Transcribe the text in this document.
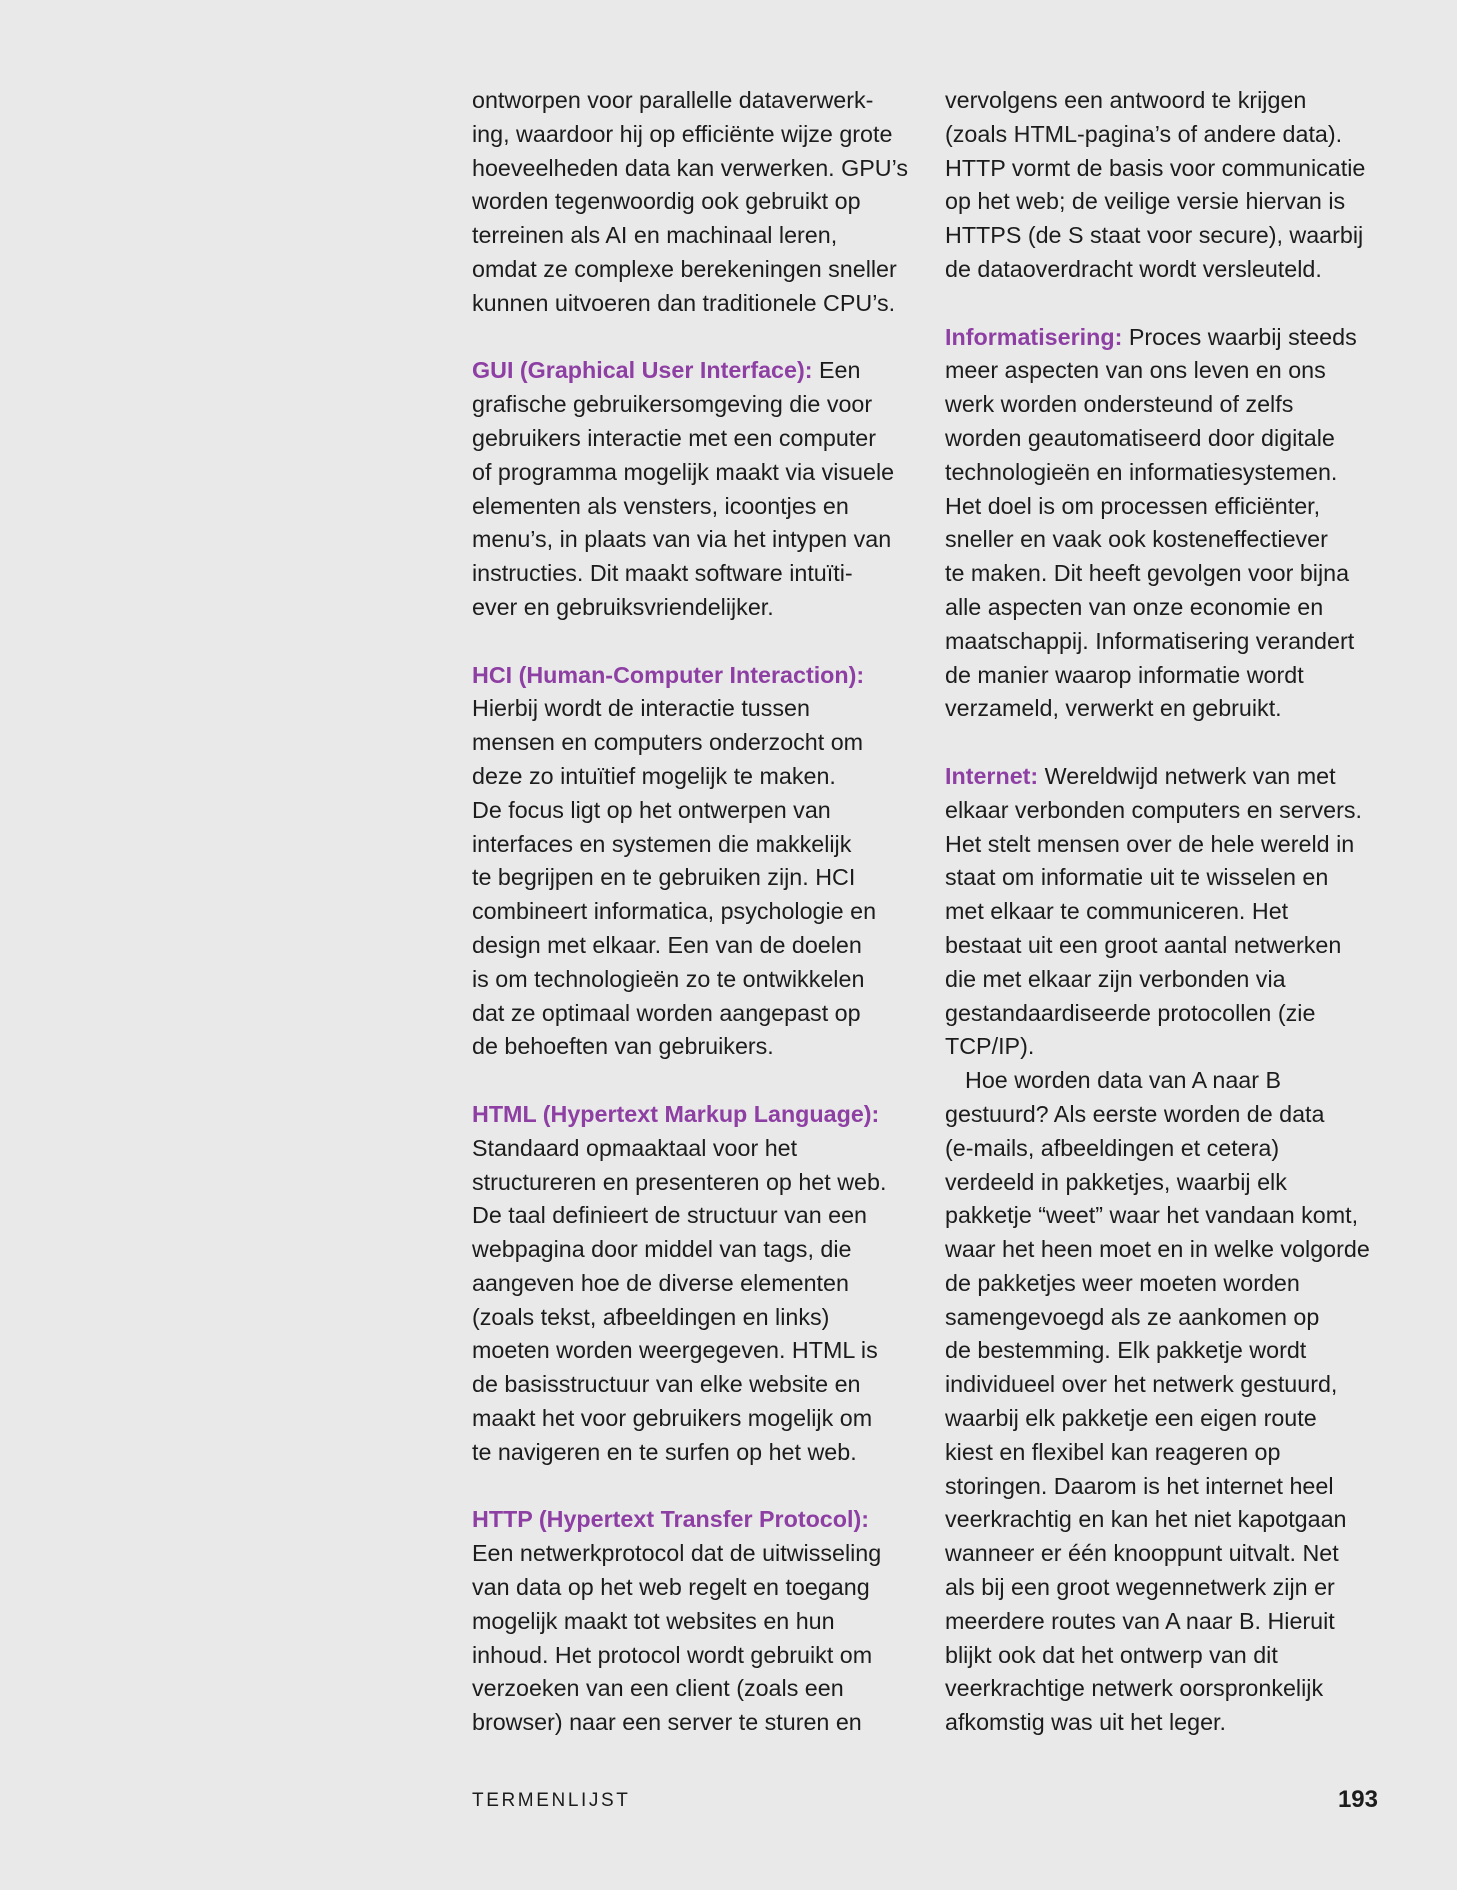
ontworpen voor parallelle dataverwerk-
ing, waardoor hij op efficiënte wijze grote
hoeveelheden data kan verwerken. GPU’s
worden tegenwoordig ook gebruikt op
terreinen als AI en machinaal leren,
omdat ze complexe berekeningen sneller
kunnen uitvoeren dan traditionele CPU’s.
GUI (Graphical User Interface): Een
grafische gebruikersomgeving die voor
gebruikers interactie met een computer
of programma mogelijk maakt via visuele
elementen als vensters, icoontjes en
menu’s, in plaats van via het intypen van
instructies. Dit maakt software intuïti-
ever en gebruiksvriendelijker.
HCI (Human-Computer Interaction):
Hierbij wordt de interactie tussen
mensen en computers onderzocht om
deze zo intuïtief mogelijk te maken.
De focus ligt op het ontwerpen van
interfaces en systemen die makkelijk
te begrijpen en te gebruiken zijn. HCI
combineert informatica, psychologie en
design met elkaar. Een van de doelen
is om technologieën zo te ontwikkelen
dat ze optimaal worden aangepast op
de behoeften van gebruikers.
HTML (Hypertext Markup Language):
Standaard opmaaktaal voor het
structureren en presenteren op het web.
De taal definieert de structuur van een
webpagina door middel van tags, die
aangeven hoe de diverse elementen
(zoals tekst, afbeeldingen en links)
moeten worden weergegeven. HTML is
de basisstructuur van elke website en
maakt het voor gebruikers mogelijk om
te navigeren en te surfen op het web.
HTTP (Hypertext Transfer Protocol):
Een netwerkprotocol dat de uitwisseling
van data op het web regelt en toegang
mogelijk maakt tot websites en hun
inhoud. Het protocol wordt gebruikt om
verzoeken van een client (zoals een
browser) naar een server te sturen en
vervolgens een antwoord te krijgen
(zoals HTML-pagina’s of andere data).
HTTP vormt de basis voor communicatie
op het web; de veilige versie hiervan is
HTTPS (de S staat voor secure), waarbij
de dataoverdracht wordt versleuteld.
Informatisering: Proces waarbij steeds
meer aspecten van ons leven en ons
werk worden ondersteund of zelfs
worden geautomatiseerd door digitale
technologieën en informatiesystemen.
Het doel is om processen efficiënter,
sneller en vaak ook kosteneffectiever
te maken. Dit heeft gevolgen voor bijna
alle aspecten van onze economie en
maatschappij. Informatisering verandert
de manier waarop informatie wordt
verzameld, verwerkt en gebruikt.
Internet: Wereldwijd netwerk van met
elkaar verbonden computers en servers.
Het stelt mensen over de hele wereld in
staat om informatie uit te wisselen en
met elkaar te communiceren. Het
bestaat uit een groot aantal netwerken
die met elkaar zijn verbonden via
gestandaardiseerde protocollen (zie
TCP/IP).
Hoe worden data van A naar B
gestuurd? Als eerste worden de data
(e-mails, afbeeldingen et cetera)
verdeeld in pakketjes, waarbij elk
pakketje “weet” waar het vandaan komt,
waar het heen moet en in welke volgorde
de pakketjes weer moeten worden
samengevoegd als ze aankomen op
de bestemming. Elk pakketje wordt
individueel over het netwerk gestuurd,
waarbij elk pakketje een eigen route
kiest en flexibel kan reageren op
storingen. Daarom is het internet heel
veerkrachtig en kan het niet kapotgaan
wanneer er één knooppunt uitvalt. Net
als bij een groot wegennetwerk zijn er
meerdere routes van A naar B. Hieruit
blijkt ook dat het ontwerp van dit
veerkrachtige netwerk oorspronkelijk
afkomstig was uit het leger.
TERMENLIJST	193
